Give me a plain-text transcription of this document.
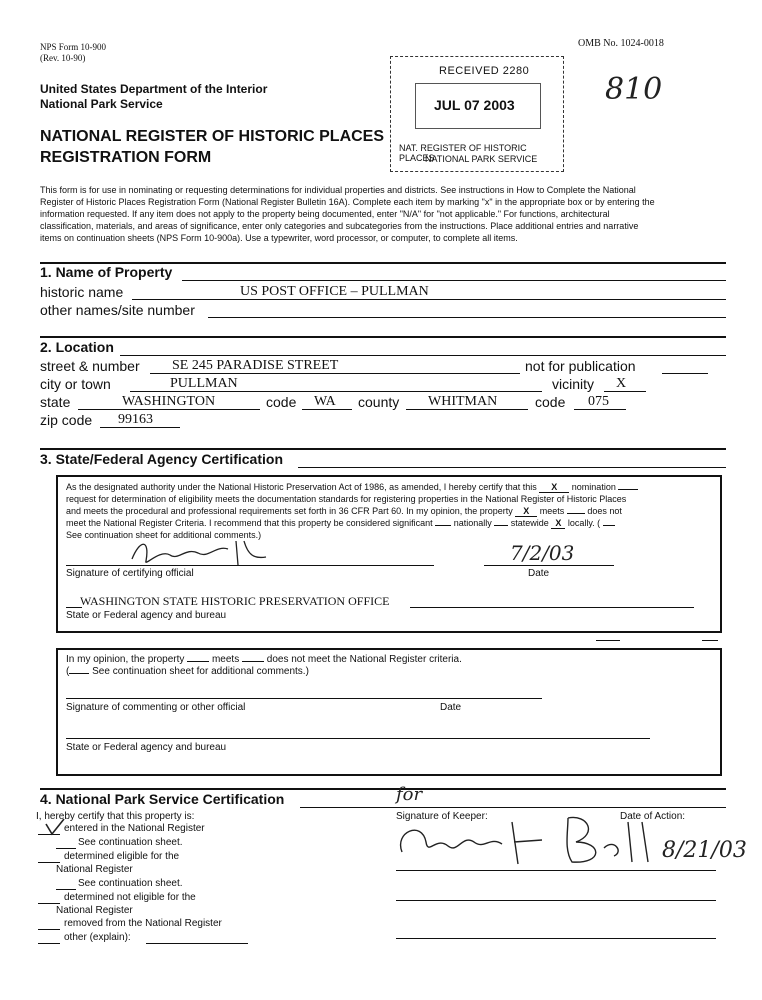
NPS Form 10-900
(Rev. 10-90)
OMB No. 1024-0018
United States Department of the Interior
National Park Service
NATIONAL REGISTER OF HISTORIC PLACES
REGISTRATION FORM
RECEIVED 2280
JUL 07 2003
NAT. REGISTER OF HISTORIC PLACES
NATIONAL PARK SERVICE
810
This form is for use in nominating or requesting determinations for individual properties and districts. See instructions in How to Complete the National
Register of Historic Places Registration Form (National Register Bulletin 16A). Complete each item by marking "x" in the appropriate box or by entering the
information requested. If any item does not apply to the property being documented, enter "N/A" for "not applicable." For functions, architectural
classification, materials, and areas of significance, enter only categories and subcategories from the instructions. Place additional entries and narrative
items on continuation sheets (NPS Form 10-900a). Use a typewriter, word processor, or computer, to complete all items.
1. Name of Property
historic name	US POST OFFICE – PULLMAN
other names/site number
2. Location
street & number SE 245 PARADISE STREET	not for publication
city or town	PULLMAN	vicinity X
state	WASHINGTON	code WA county WHITMAN	code 075
zip code 99163
3. State/Federal Agency Certification
As the designated authority under the National Historic Preservation Act of 1986, as amended, I hereby certify that this X nomination
request for determination of eligibility meets the documentation standards for registering properties in the National Register of Historic Places
and meets the procedural and professional requirements set forth in 36 CFR Part 60. In my opinion, the property X meets	does not
meet the National Register Criteria. I recommend that this property be considered significant nationally statewide X locally. (
See continuation sheet for additional comments.)
7/2/03
Signature of certifying official	Date
WASHINGTON STATE HISTORIC PRESERVATION OFFICE
State or Federal agency and bureau
In my opinion, the property	meets	does not meet the National Register criteria.
( See continuation sheet for additional comments.)
Signature of commenting or other official	Date
State or Federal agency and bureau
4. National Park Service Certification
I, hereby certify that this property is:
entered in the National Register
See continuation sheet.
determined eligible for the
National Register
See continuation sheet.
determined not eligible for the
National Register
removed from the National Register
other (explain):
for
Signature of Keeper:	Date of Action:
8/21/03
